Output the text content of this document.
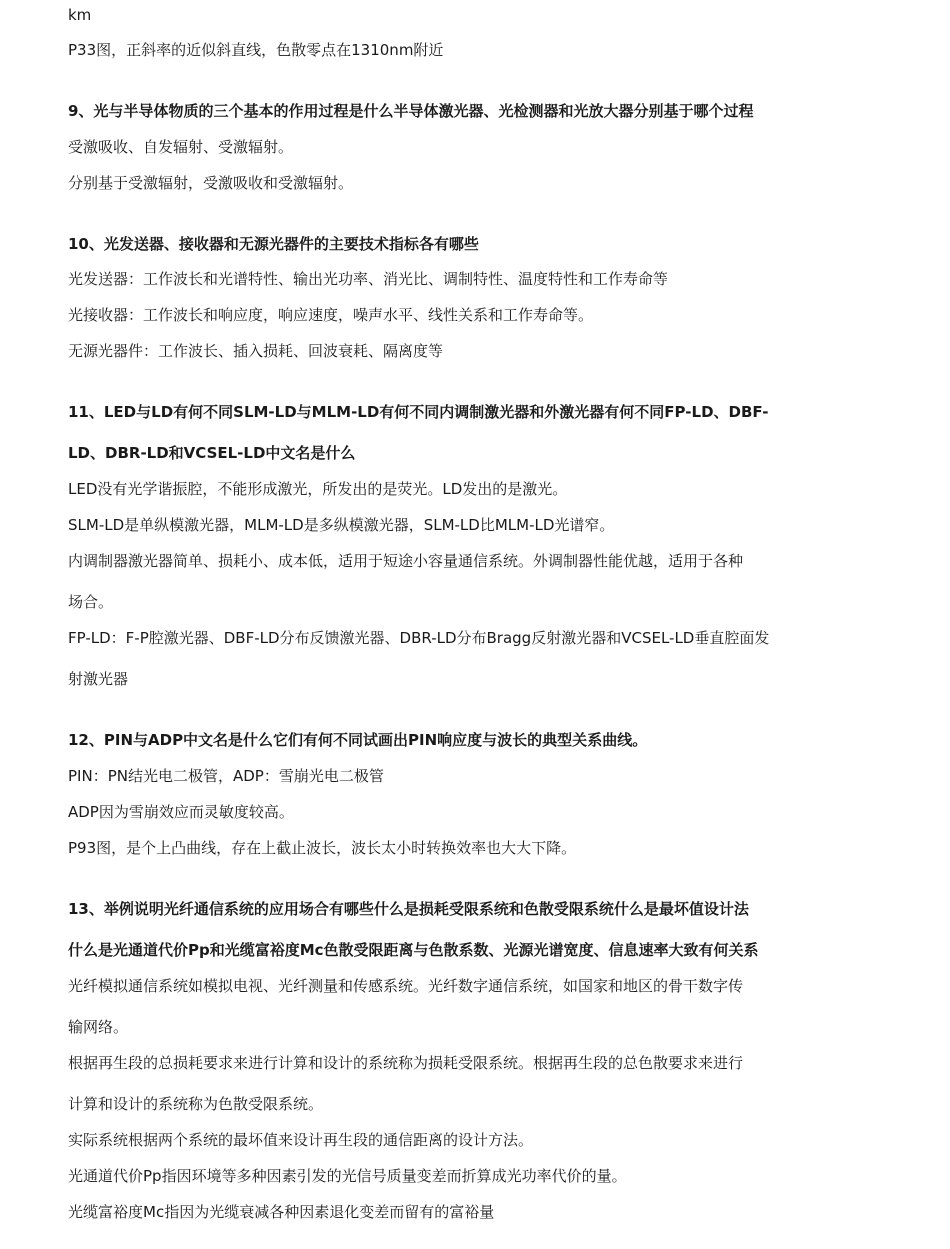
km
P33图，正斜率的近似斜直线，色散零点在1310nm附近
9、光与半导体物质的三个基本的作用过程是什么半导体激光器、光检测器和光放大器分别基于哪个过程
受激吸收、自发辐射、受激辐射。
分别基于受激辐射，受激吸收和受激辐射。
10、光发送器、接收器和无源光器件的主要技术指标各有哪些
光发送器：工作波长和光谱特性、输出光功率、消光比、调制特性、温度特性和工作寿命等
光接收器：工作波长和响应度，响应速度，噪声水平、线性关系和工作寿命等。
无源光器件：工作波长、插入损耗、回波衰耗、隔离度等
11、LED与LD有何不同SLM-LD与MLM-LD有何不同内调制激光器和外激光器有何不同FP-LD、DBF-
LD、DBR-LD和VCSEL-LD中文名是什么
LED没有光学谐振腔，不能形成激光，所发出的是荧光。LD发出的是激光。
SLM-LD是单纵模激光器，MLM-LD是多纵模激光器，SLM-LD比MLM-LD光谱窄。
内调制器激光器简单、损耗小、成本低，适用于短途小容量通信系统。外调制器性能优越，适用于各种
场合。
FP-LD：F-P腔激光器、DBF-LD分布反馈激光器、DBR-LD分布Bragg反射激光器和VCSEL-LD垂直腔面发
射激光器
12、PIN与ADP中文名是什么它们有何不同试画出PIN响应度与波长的典型关系曲线。
PIN：PN结光电二极管，ADP：雪崩光电二极管
ADP因为雪崩效应而灵敏度较高。
P93图，是个上凸曲线，存在上截止波长，波长太小时转换效率也大大下降。
13、举例说明光纤通信系统的应用场合有哪些什么是损耗受限系统和色散受限系统什么是最坏值设计法
什么是光通道代价Pp和光缆富裕度Mc色散受限距离与色散系数、光源光谱宽度、信息速率大致有何关系
光纤模拟通信系统如模拟电视、光纤测量和传感系统。光纤数字通信系统，如国家和地区的骨干数字传
输网络。
根据再生段的总损耗要求来进行计算和设计的系统称为损耗受限系统。根据再生段的总色散要求来进行
计算和设计的系统称为色散受限系统。
实际系统根据两个系统的最坏值来设计再生段的通信距离的设计方法。
光通道代价Pp指因环境等多种因素引发的光信号质量变差而折算成光功率代价的量。
光缆富裕度Mc指因为光缆衰减各种因素退化变差而留有的富裕量
